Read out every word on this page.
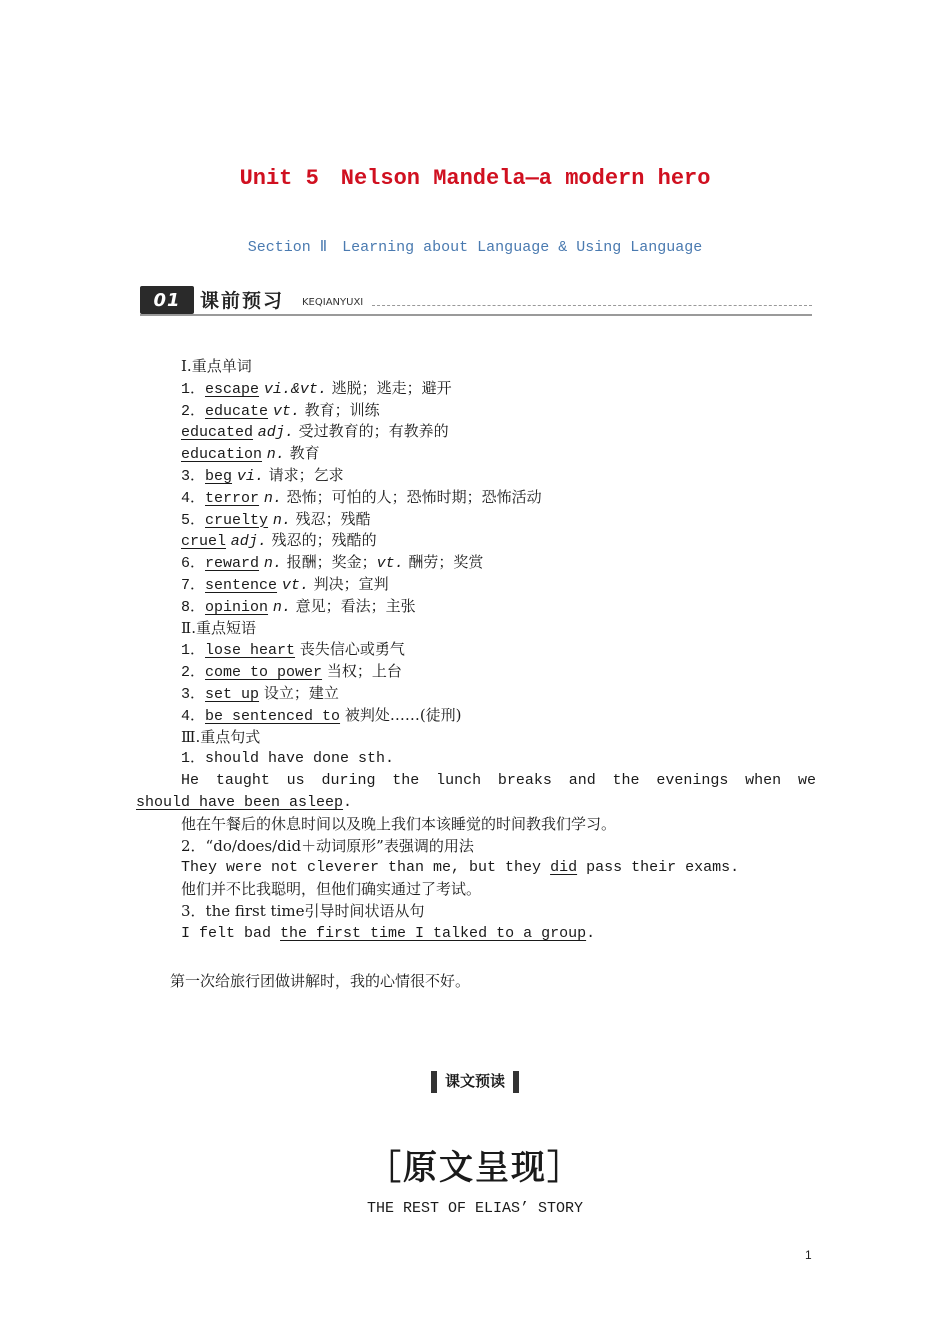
Unit 5　Nelson Mandela—a modern hero
Section Ⅱ　Learning about Language & Using Language
01	课前预习 KEQIANYUXI
Ⅰ.重点单词
1．escape vi.&vt. 逃脱；逃走；避开
2．educate vt. 教育；训练
educated adj. 受过教育的；有教养的
education n. 教育
3．beg vi. 请求；乞求
4．terror n. 恐怖；可怕的人；恐怖时期；恐怖活动
5．cruelty n. 残忍；残酷
cruel adj. 残忍的；残酷的
6．reward n. 报酬；奖金；vt. 酬劳；奖赏
7．sentence vt. 判决；宣判
8．opinion n. 意见；看法；主张
Ⅱ.重点短语
1．lose heart 丧失信心或勇气
2．come to power 当权；上台
3．set up 设立；建立
4．be sentenced to 被判处……(徒刑)
Ⅲ.重点句式
1．should have done sth.
He taught us during the lunch breaks and the evenings when we
should have been asleep.
他在午餐后的休息时间以及晚上我们本该睡觉的时间教我们学习。
2．“do/does/did＋动词原形”表强调的用法
They were not cleverer than me, but they did pass their exams.
他们并不比我聪明，但他们确实通过了考试。
3．the first time引导时间状语从句
I felt bad the first time I talked to a group.
第一次给旅行团做讲解时，我的心情很不好。
课文预读
［原文呈现］
THE REST OF ELIAS’ STORY
1
